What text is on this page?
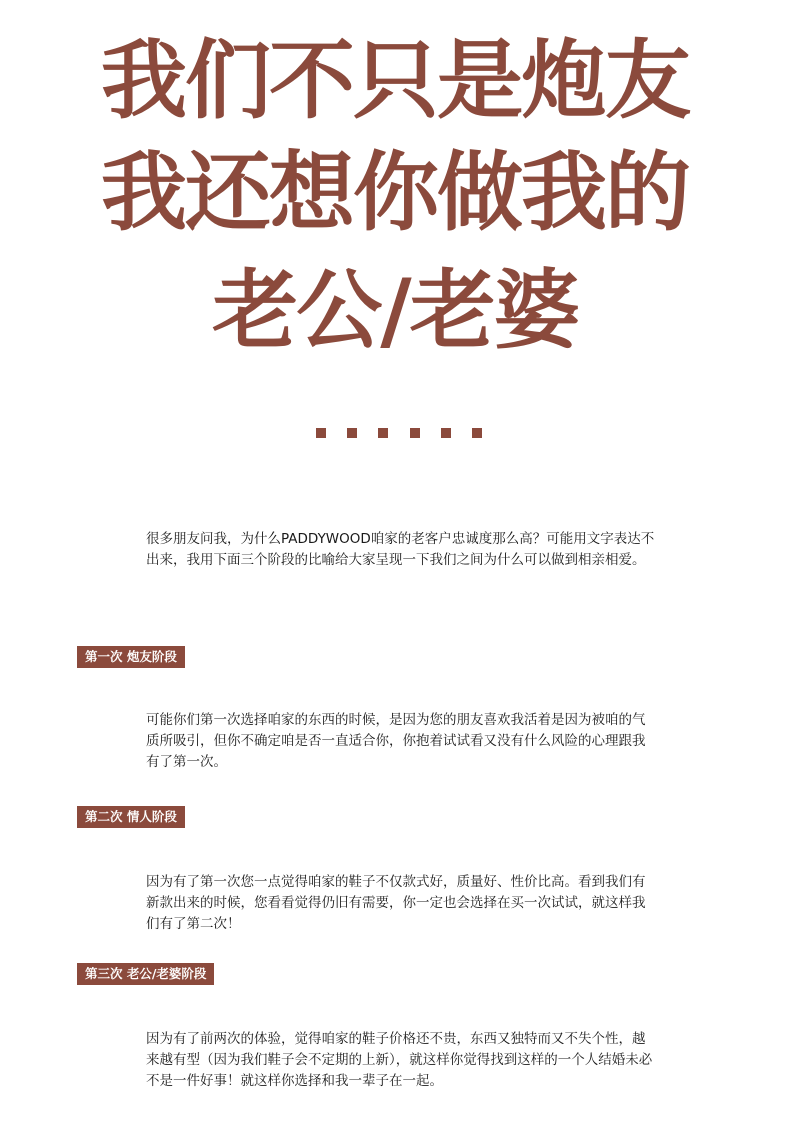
我们不只是炮友
我还想你做我的
老公/老婆

很多朋友问我，为什么PADDYWOOD咱家的老客户忠诚度那么高？可能用文字表达不出来，我用下面三个阶段的比喻给大家呈现一下我们之间为什么可以做到相亲相爱。

第一次 炮友阶段

可能你们第一次选择咱家的东西的时候，是因为您的朋友喜欢我活着是因为被咱的气质所吸引，但你不确定咱是否一直适合你，你抱着试试看又没有什么风险的心理跟我有了第一次。

第二次 情人阶段

因为有了第一次您一点觉得咱家的鞋子不仅款式好，质量好、性价比高。看到我们有新款出来的时候，您看看觉得仍旧有需要，你一定也会选择在买一次试试，就这样我们有了第二次！

第三次 老公/老婆阶段

因为有了前两次的体验，觉得咱家的鞋子价格还不贵，东西又独特而又不失个性，越来越有型（因为我们鞋子会不定期的上新），就这样你觉得找到这样的一个人结婚未必不是一件好事！就这样你选择和我一辈子在一起。
